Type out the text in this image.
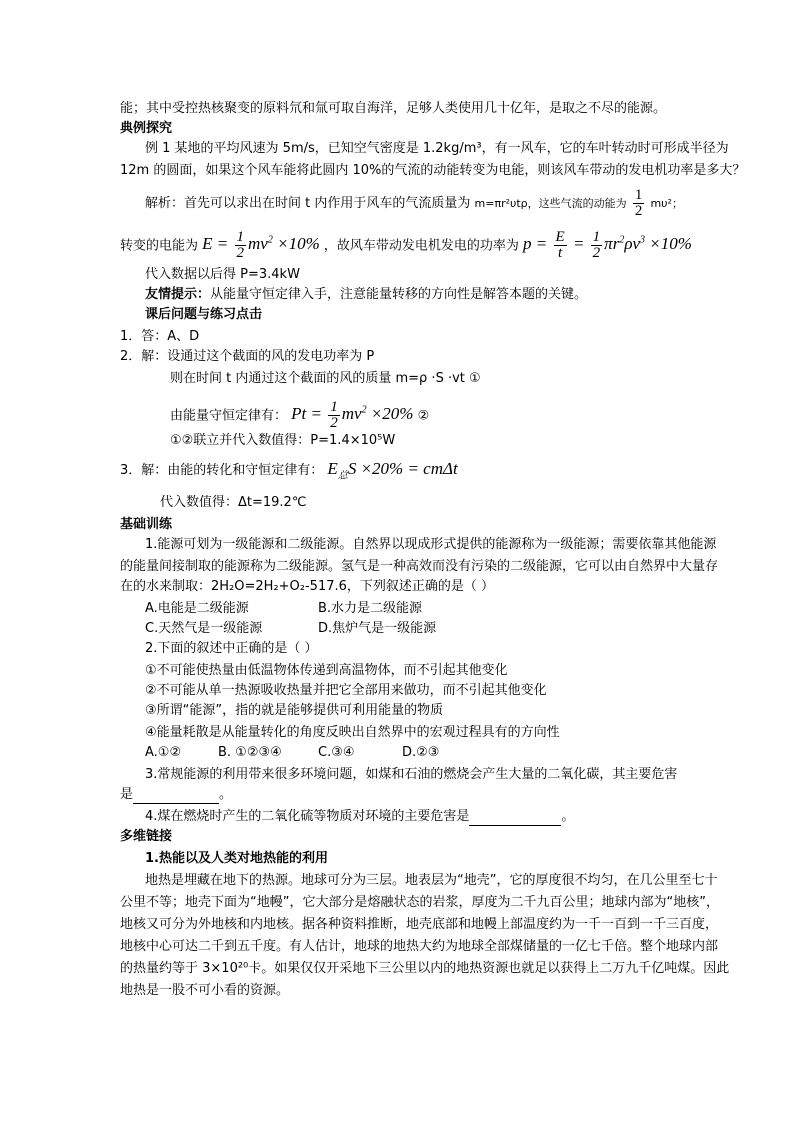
能；其中受控热核聚变的原料氘和氚可取自海洋，足够人类使用几十亿年，是取之不尽的能源。
典例探究
例 1 某地的平均风速为 5m/s，已知空气密度是 1.2kg/m³，有一风车，它的车叶转动时可形成半径为
12m 的圆面，如果这个风车能将此圆内 10%的气流的动能转变为电能，则该风车带动的发电机功率是多大？
解析：首先可以求出在时间 t 内作用于风车的气流质量为 m=πr²υtρ，这些气流的动能为 $\frac{1}{2} m\upsilon^2$；
转变的电能为 $E = \frac{1}{2} mv^2 \times 10\%$ ，故风车带动发电机发电的功率为 $p = \frac{E}{t} = \frac{1}{2} \pi r^2\rho v^3 \times 10\%$
代入数据以后得 P=3.4kW
友情提示：从能量守恒定律入手，注意能量转移的方向性是解答本题的关键。
课后问题与练习点击
1．答：A、D
2．解：设通过这个截面的风的发电功率为 P
则在时间 t 内通过这个截面的风的质量 m=ρ ·S ·vt ①
由能量守恒定律有： $Pt = \frac{1}{2} mv^2 \times 20\%$ ②
①②联立并代入数值得：P=1.4×10⁵W
3．解：由能的转化和守恒定律有： $E_总S \times 20\% = cm\Delta t$
代入数值得：Δt=19.2℃
基础训练
1.能源可划为一级能源和二级能源。自然界以现成形式提供的能源称为一级能源；需要依靠其他能源
的能量间接制取的能源称为二级能源。氢气是一种高效而没有污染的二级能源，它可以由自然界中大量存
在的水来制取：2H₂O=2H₂+O₂-517.6，下列叙述正确的是（ ）
A.电能是二级能源	B.水力是二级能源
C.天然气是一级能源	D.焦炉气是一级能源
2.下面的叙述中正确的是（ ）
①不可能使热量由低温物体传递到高温物体，而不引起其他变化
②不可能从单一热源吸收热量并把它全部用来做功，而不引起其他变化
③所谓“能源”，指的就是能够提供可利用能量的物质
④能量耗散是从能量转化的角度反映出自然界中的宏观过程具有的方向性
A.①②	B. ①②③④	C.③④	D.②③
3.常规能源的利用带来很多环境问题，如煤和石油的燃烧会产生大量的二氧化碳，其主要危害
是	。
4.煤在燃烧时产生的二氧化硫等物质对环境的主要危害是	。
多维链接
1.热能以及人类对地热能的利用
地热是埋藏在地下的热源。地球可分为三层。地表层为“地壳”，它的厚度很不均匀，在几公里至七十
公里不等；地壳下面为“地幔”，它大部分是熔融状态的岩浆，厚度为二千九百公里；地球内部为“地核”，
地核又可分为外地核和内地核。据各种资料推断，地壳底部和地幔上部温度约为一千一百到一千三百度，
地核中心可达二千到五千度。有人估计，地球的地热大约为地球全部煤储量的一亿七千倍。整个地球内部
的热量约等于 3×10²⁰卡。如果仅仅开采地下三公里以内的地热资源也就足以获得上二万九千亿吨煤。因此
地热是一股不可小看的资源。
